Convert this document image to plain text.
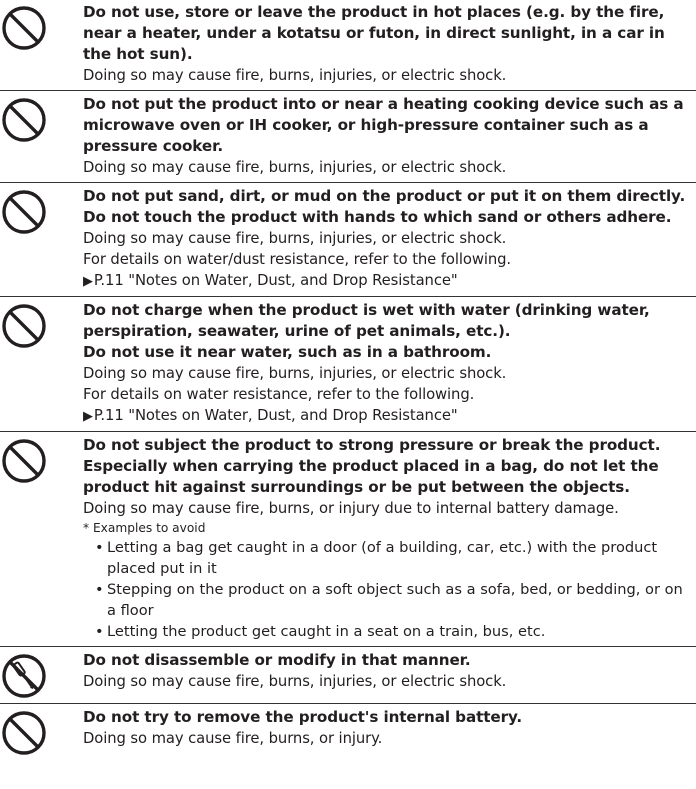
Do not use, store or leave the product in hot places (e.g. by the fire, near a heater, under a kotatsu or futon, in direct sunlight, in a car in the hot sun).
Doing so may cause fire, burns, injuries, or electric shock.
Do not put the product into or near a heating cooking device such as a microwave oven or IH cooker, or high-pressure container such as a pressure cooker.
Doing so may cause fire, burns, injuries, or electric shock.
Do not put sand, dirt, or mud on the product or put it on them directly. Do not touch the product with hands to which sand or others adhere.
Doing so may cause fire, burns, injuries, or electric shock.
For details on water/dust resistance, refer to the following.
▶ P.11 "Notes on Water, Dust, and Drop Resistance"
Do not charge when the product is wet with water (drinking water, perspiration, seawater, urine of pet animals, etc.).
Do not use it near water, such as in a bathroom.
Doing so may cause fire, burns, injuries, or electric shock.
For details on water resistance, refer to the following.
▶ P.11 "Notes on Water, Dust, and Drop Resistance"
Do not subject the product to strong pressure or break the product. Especially when carrying the product placed in a bag, do not let the product hit against surroundings or be put between the objects.
Doing so may cause fire, burns, or injury due to internal battery damage.
* Examples to avoid
• Letting a bag get caught in a door (of a building, car, etc.) with the product placed put in it
• Stepping on the product on a soft object such as a sofa, bed, or bedding, or on a floor
• Letting the product get caught in a seat on a train, bus, etc.
Do not disassemble or modify in that manner.
Doing so may cause fire, burns, injuries, or electric shock.
Do not try to remove the product's internal battery.
Doing so may cause fire, burns, or injury.
